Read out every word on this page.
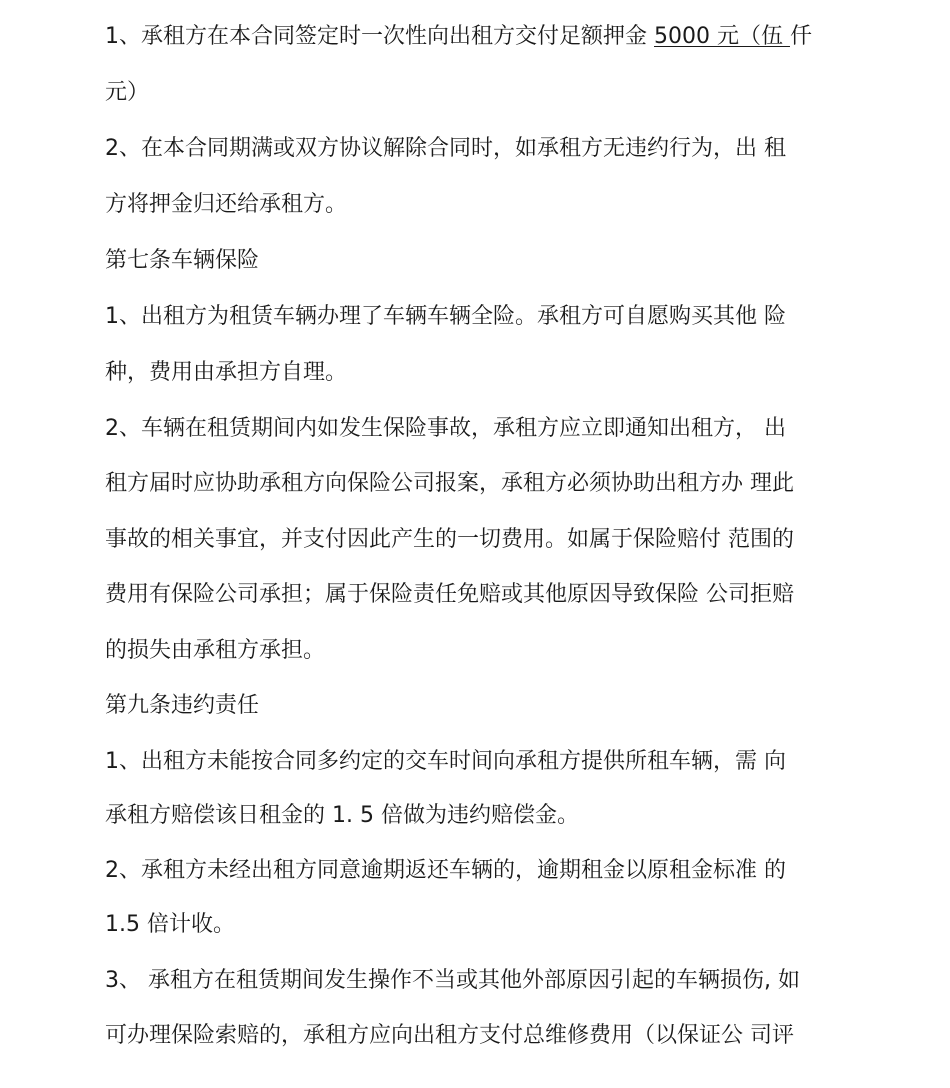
1、承租方在本合同签定时一次性向出租方交付足额押金 5000 元（伍 仟
元）
2、在本合同期满或双方协议解除合同时，如承租方无违约行为，出 租
方将押金归还给承租方。
第七条车辆保险
1、出租方为租赁车辆办理了车辆车辆全险。承租方可自愿购买其他 险
种，费用由承担方自理。
2、车辆在租赁期间内如发生保险事故，承租方应立即通知出租方， 出
租方届时应协助承租方向保险公司报案，承租方必须协助出租方办 理此
事故的相关事宜，并支付因此产生的一切费用。如属于保险赔付 范围的
费用有保险公司承担；属于保险责任免赔或其他原因导致保险 公司拒赔
的损失由承租方承担。
第九条违约责任
1、出租方未能按合同多约定的交车时间向承租方提供所租车辆，需 向
承租方赔偿该日租金的 1. 5 倍做为违约赔偿金。
2、承租方未经出租方同意逾期返还车辆的，逾期租金以原租金标准 的
1.5 倍计收。
3、 承租方在租赁期间发生操作不当或其他外部原因引起的车辆损伤, 如
可办理保险索赔的，承租方应向出租方支付总维修费用（以保证公 司评
